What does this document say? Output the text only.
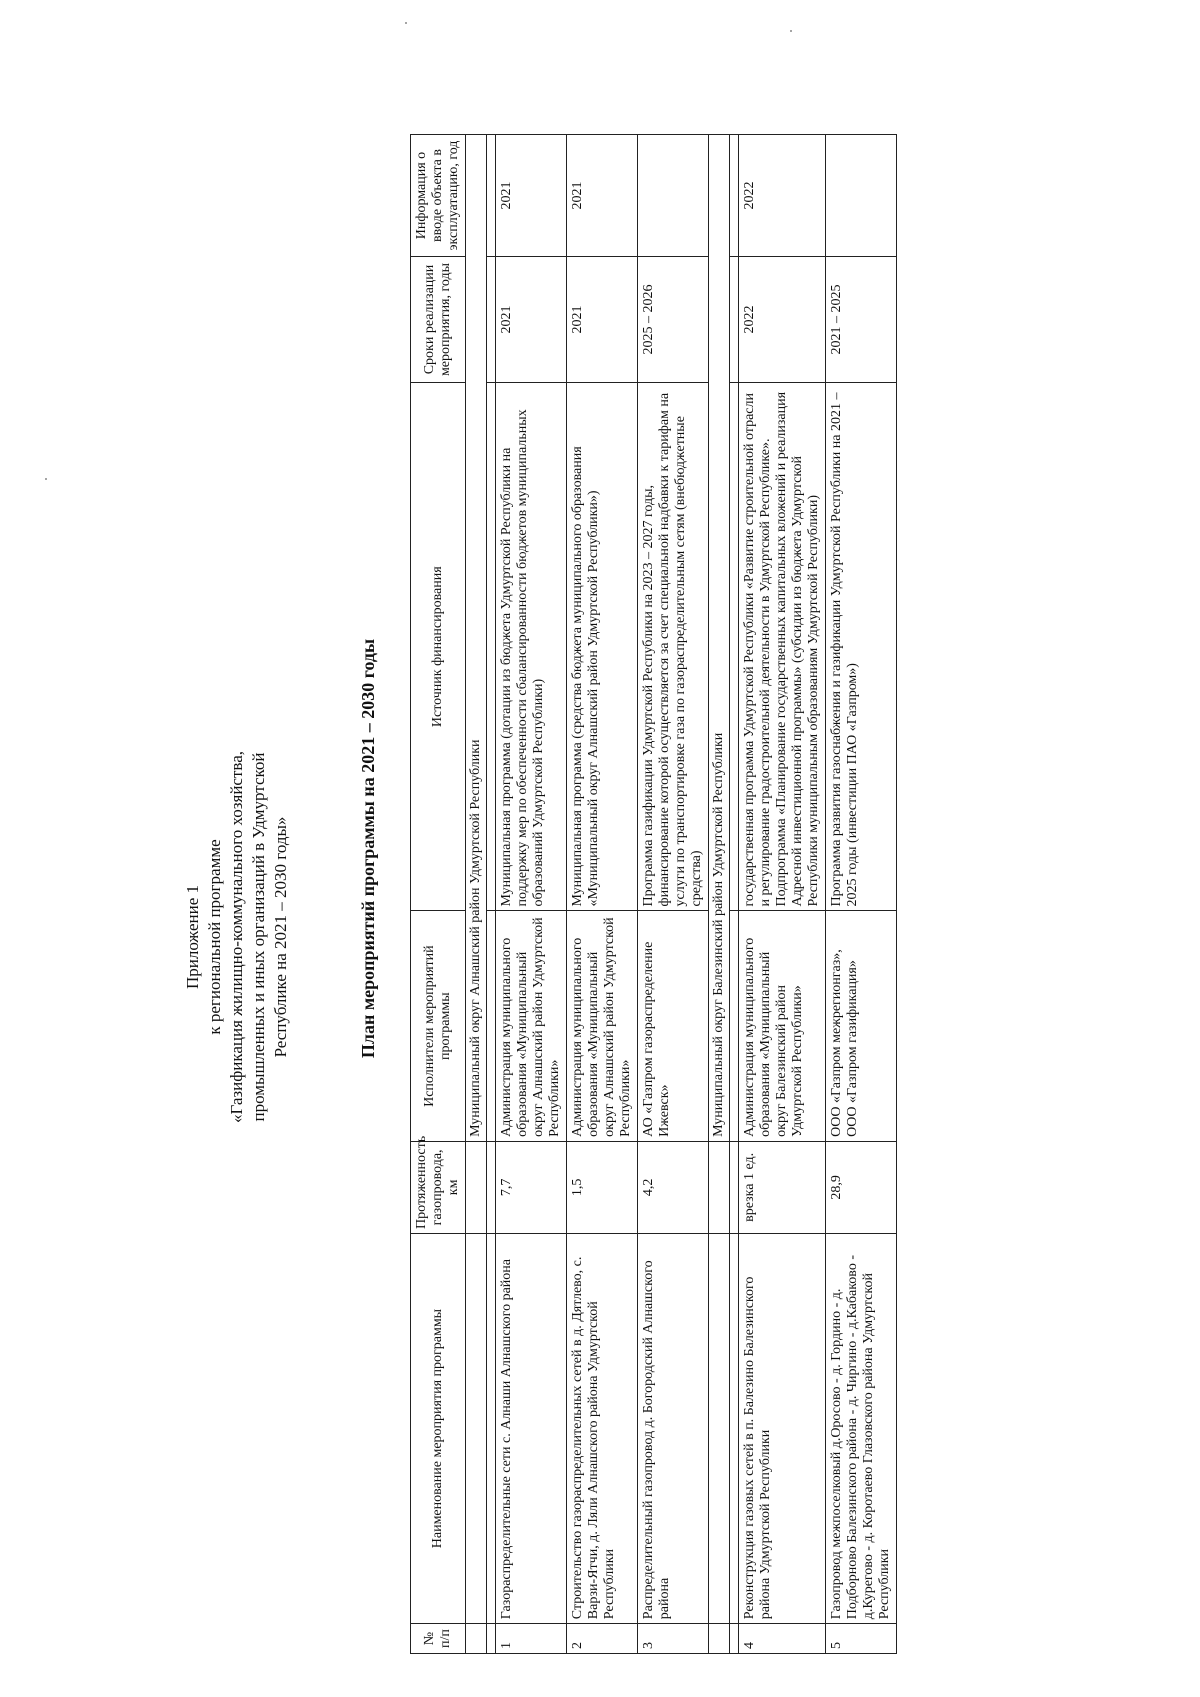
Приложение 1 к региональной программе «Газификация жилищно-коммунального хозяйства, промышленных и иных организаций в Удмуртской Республике на 2021 – 2030 годы»	План мероприятий программы на 2021 – 2030 годы
№ п/п	Наименование мероприятия программы	Протяженность газопровода, км	Исполнители мероприятий программы	Источник финансирования	Сроки реализации мероприятия, годы	Информация о вводе объекта в эксплуатацию, год
			Муниципальный округ Алнашский район Удмуртской Республики			

1	Газораспределительные сети с. Алнаши Алнашского района	7,7	Администрация муниципального образования «Муниципальный округ Алнашский район Удмуртской Республики»	Муниципальная программа (дотации из бюджета Удмуртской Республики на поддержку мер по обеспеченности сбалансированности бюджетов муниципальных образований Удмуртской Республики)	2021	2021
2	Строительство газораспределительных сетей в д. Дятлево, с. Варзи-Ятчи, д. Ляли Алнашского района Удмуртской Республики	1,5	Администрация муниципального образования «Муниципальный округ Алнашский район Удмуртской Республики»	Муниципальная программа (средства бюджета муниципального образования «Муниципальный округ Алнашский район Удмуртской Республики»)	2021	2021
3	Распределительный газопровод д. Богородский Алнашского района	4,2	АО «Газпром газораспределение Ижевск»	Программа газификации Удмуртской Республики на 2023 – 2027 годы, финансирование которой осуществляется за счет специальной надбавки к тарифам на услуги по транспортировке газа по газораспределительным сетям (внебюджетные средства)	2025 – 2026	
			Муниципальный округ Балезинский район Удмуртской Республики			

4	Реконструкция газовых сетей в п. Балезино Балезинского района Удмуртской Республики	врезка 1 ед.	Администрация муниципального образования «Муниципальный округ Балезинский район Удмуртской Республики»	государственная программа Удмуртской Республики «Развитие строительной отрасли и регулирование градостроительной деятельности в Удмуртской Республике». Подпрограмма «Планирование государственных капитальных вложений и реализация Адресной инвестиционной программы» (субсидии из бюджета Удмуртской Республики муниципальным образованиям Удмуртской Республики)	2022	2022
5	Газопровод межпоселковый д.Оросово - д. Гордино - д. Подборново Балезинского района - д. Чиргино - д.Кабаково - д.Курегово - д. Коротаево Глазовского района Удмуртской Республики	28,9	ООО «Газпром межрегионгаз», ООО «Газпром газификация»	Программа развития газоснабжения и газификации Удмуртской Республики на 2021 – 2025 годы (инвестиции ПАО «Газпром»)	2021 – 2025	
